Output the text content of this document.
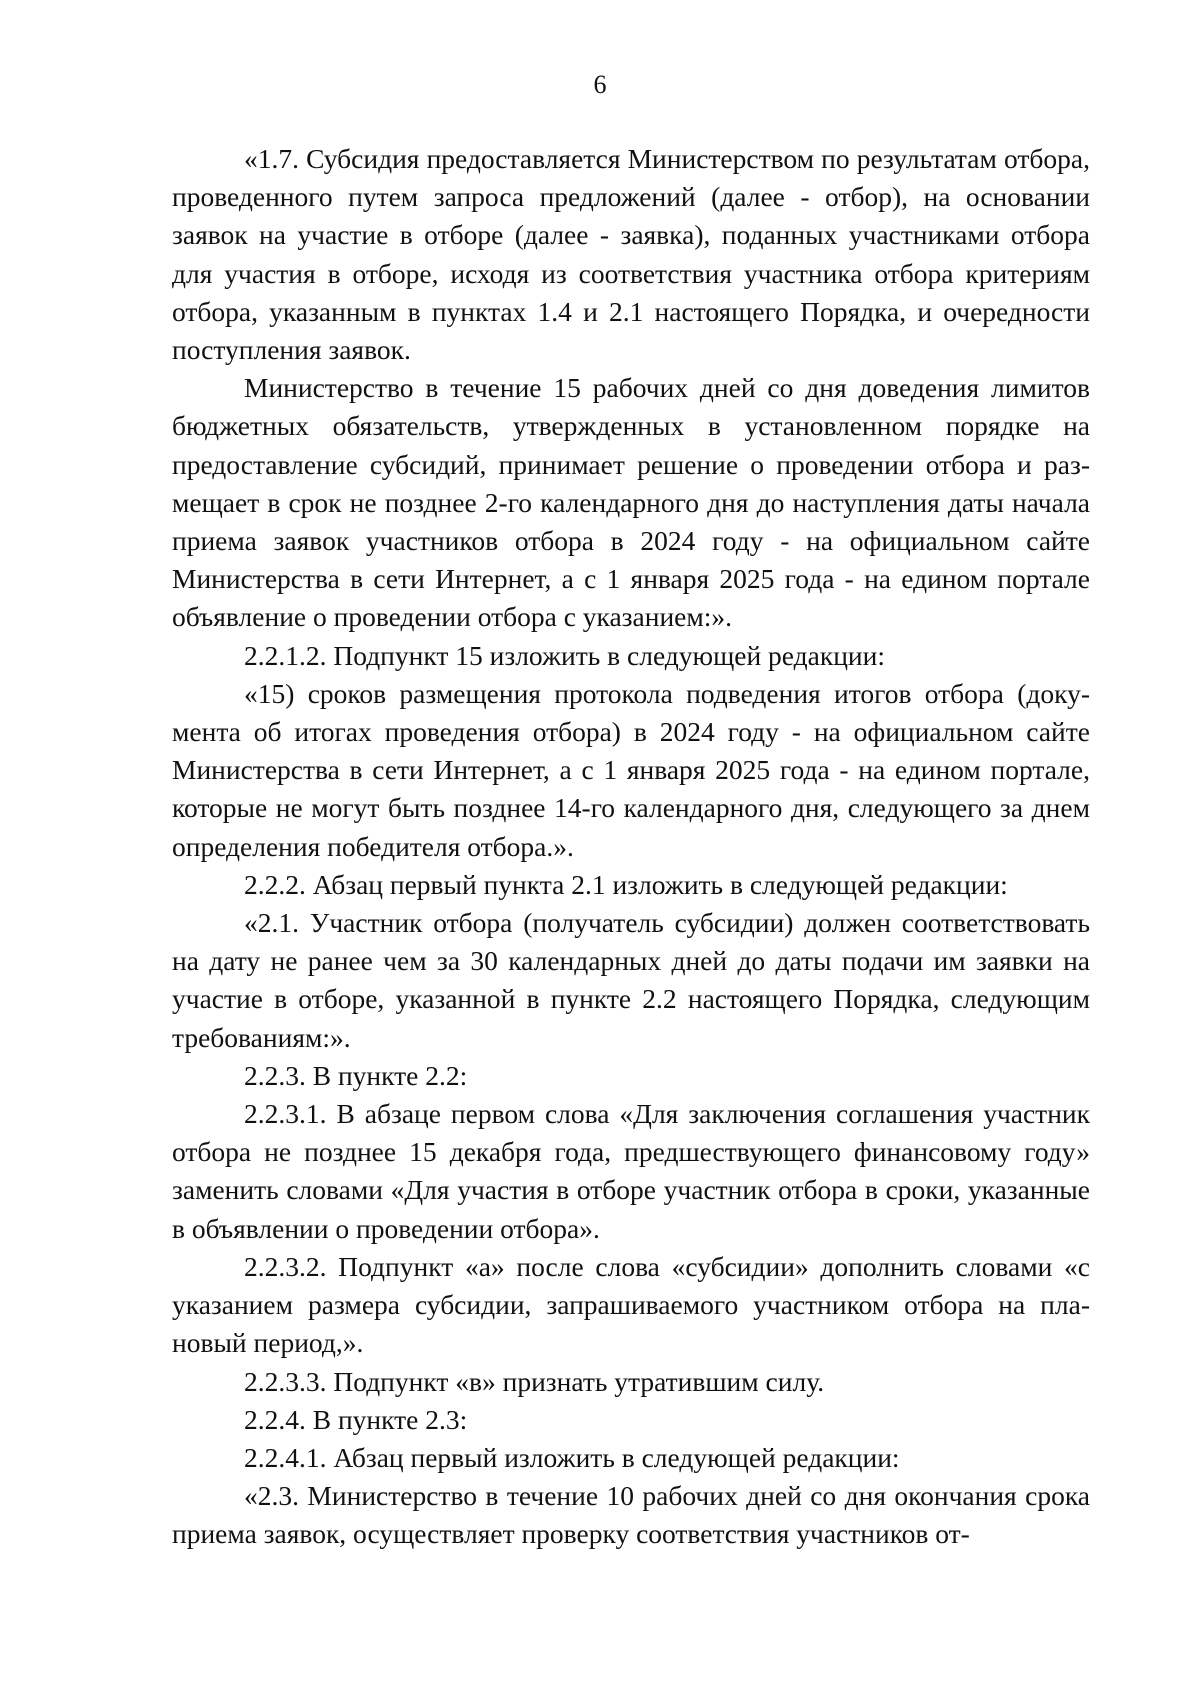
6

«1.7. Субсидия предоставляется Министерством по результатам отбора, проведенного путем запроса предложений (далее - отбор), на основании заявок на участие в отборе (далее - заявка), поданных участниками отбора для участия в отборе, исходя из соответствия участника отбора критериям отбора, указанным в пунктах 1.4 и 2.1 настоящего Порядка, и очередности поступления заявок.

Министерство в течение 15 рабочих дней со дня доведения лимитов бюджетных обязательств, утвержденных в установленном порядке на предоставление субсидий, принимает решение о проведении отбора и размещает в срок не позднее 2-го календарного дня до наступления даты начала приема заявок участников отбора в 2024 году - на официальном сайте Министерства в сети Интернет, а с 1 января 2025 года - на едином портале объявление о проведении отбора с указанием:».

2.2.1.2. Подпункт 15 изложить в следующей редакции:

«15) сроков размещения протокола подведения итогов отбора (документа об итогах проведения отбора) в 2024 году - на официальном сайте Министерства в сети Интернет, а с 1 января 2025 года - на едином портале, которые не могут быть позднее 14-го календарного дня, следующего за днем определения победителя отбора.».

2.2.2. Абзац первый пункта 2.1 изложить в следующей редакции:

«2.1. Участник отбора (получатель субсидии) должен соответствовать на дату не ранее чем за 30 календарных дней до даты подачи им заявки на участие в отборе, указанной в пункте 2.2 настоящего Порядка, следующим требованиям:».

2.2.3. В пункте 2.2:

2.2.3.1. В абзаце первом слова «Для заключения соглашения участник отбора не позднее 15 декабря года, предшествующего финансовому году» заменить словами «Для участия в отборе участник отбора в сроки, указанные в объявлении о проведении отбора».

2.2.3.2. Подпункт «а» после слова «субсидии» дополнить словами «с указанием размера субсидии, запрашиваемого участником отбора на плановый период,».

2.2.3.3. Подпункт «в» признать утратившим силу.

2.2.4. В пункте 2.3:

2.2.4.1. Абзац первый изложить в следующей редакции:

«2.3. Министерство в течение 10 рабочих дней со дня окончания срока приема заявок, осуществляет проверку соответствия участников от-
